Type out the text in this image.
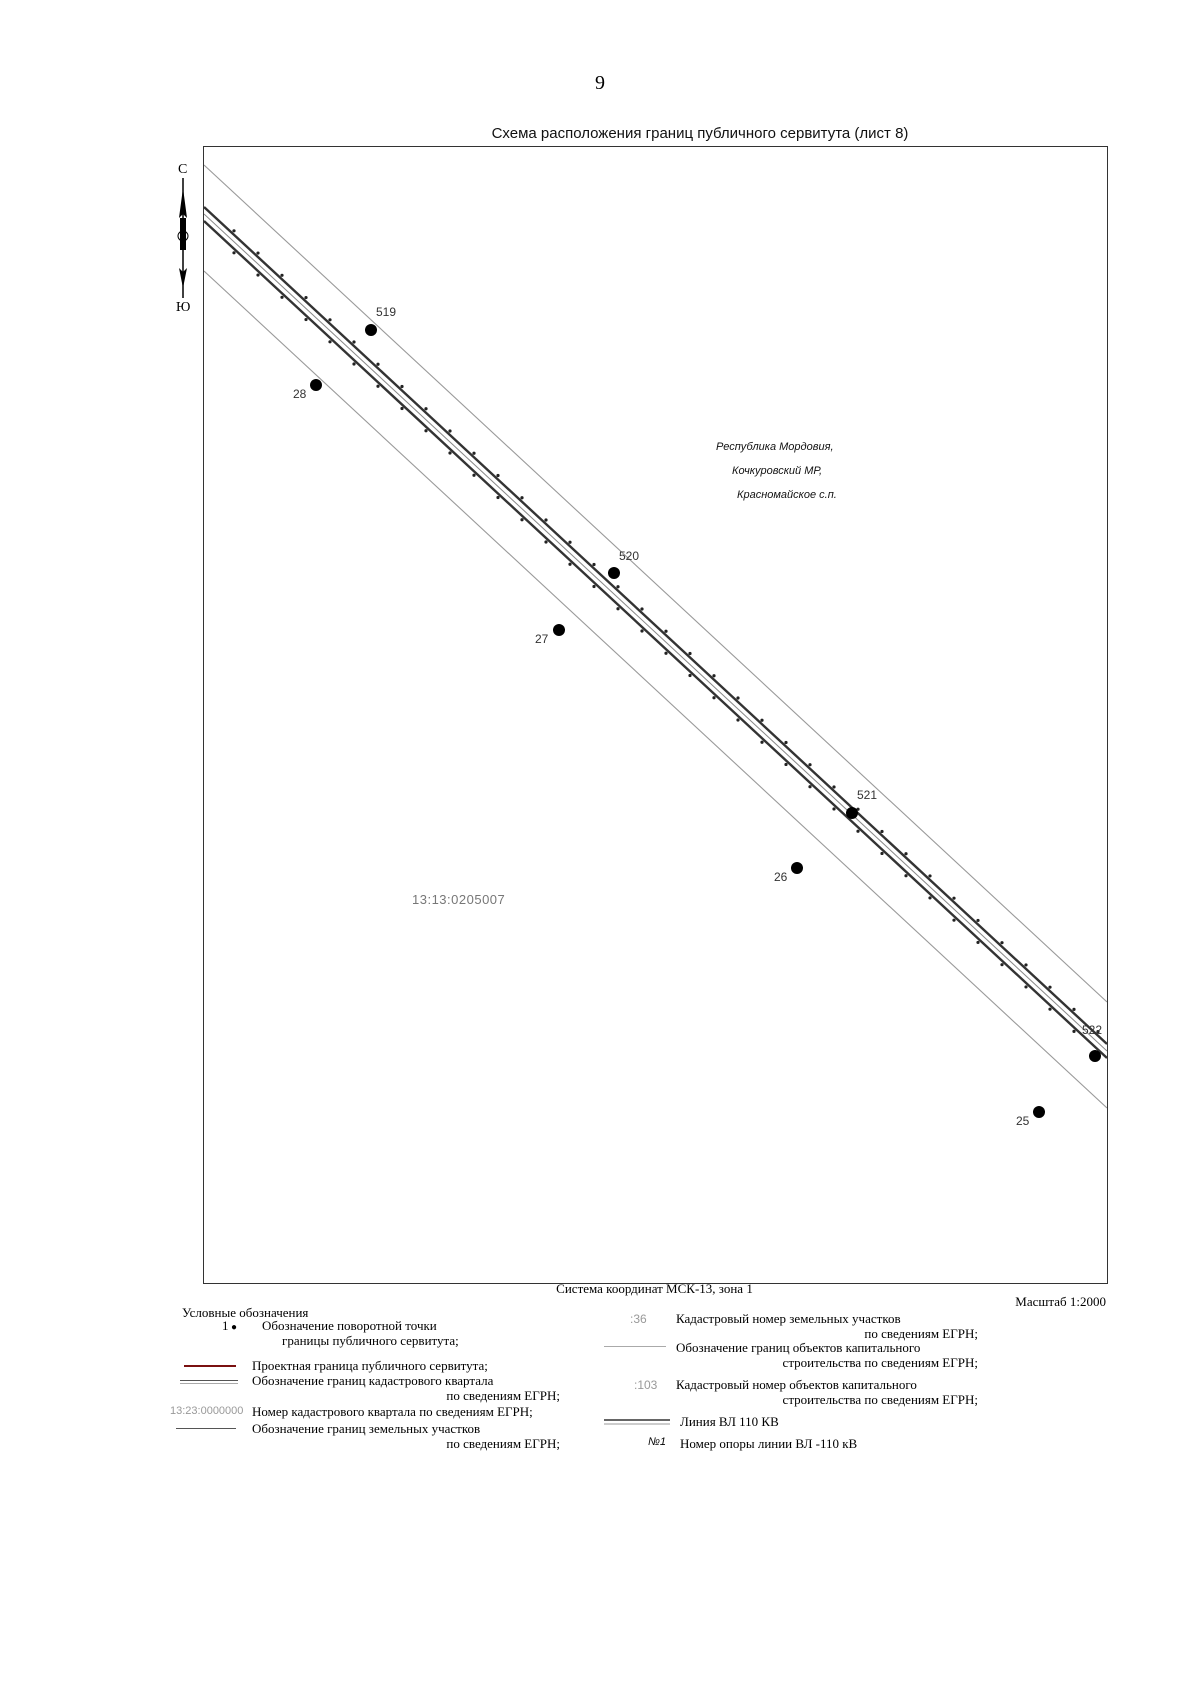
9
Схема расположения границ публичного сервитута (лист 8)
519
520
521
522
28
27
26
25
Республика Мордовия,
Кочкуровский МР,
Красномайское с.п.
13:13:0205007
С
Ю
Система координат МСК-13, зона 1
Масштаб 1:2000
Условные обозначения
1 ● Обозначение поворотной точки
границы публичного сервитута;
Проектная граница публичного сервитута;
Обозначение границ кадастрового квартала
по сведениям ЕГРН;
13:23:0000000 Номер кадастрового квартала по сведениям ЕГРН;
Обозначение границ земельных участков
по сведениям ЕГРН;
:36 Кадастровый номер земельных участков
по сведениям ЕГРН;
Обозначение границ объектов капитального
строительства по сведениям ЕГРН;
:103 Кадастровый номер объектов капитального
строительства по сведениям ЕГРН;
Линия ВЛ 110 КВ
№1 Номер опоры линии ВЛ -110 кВ
